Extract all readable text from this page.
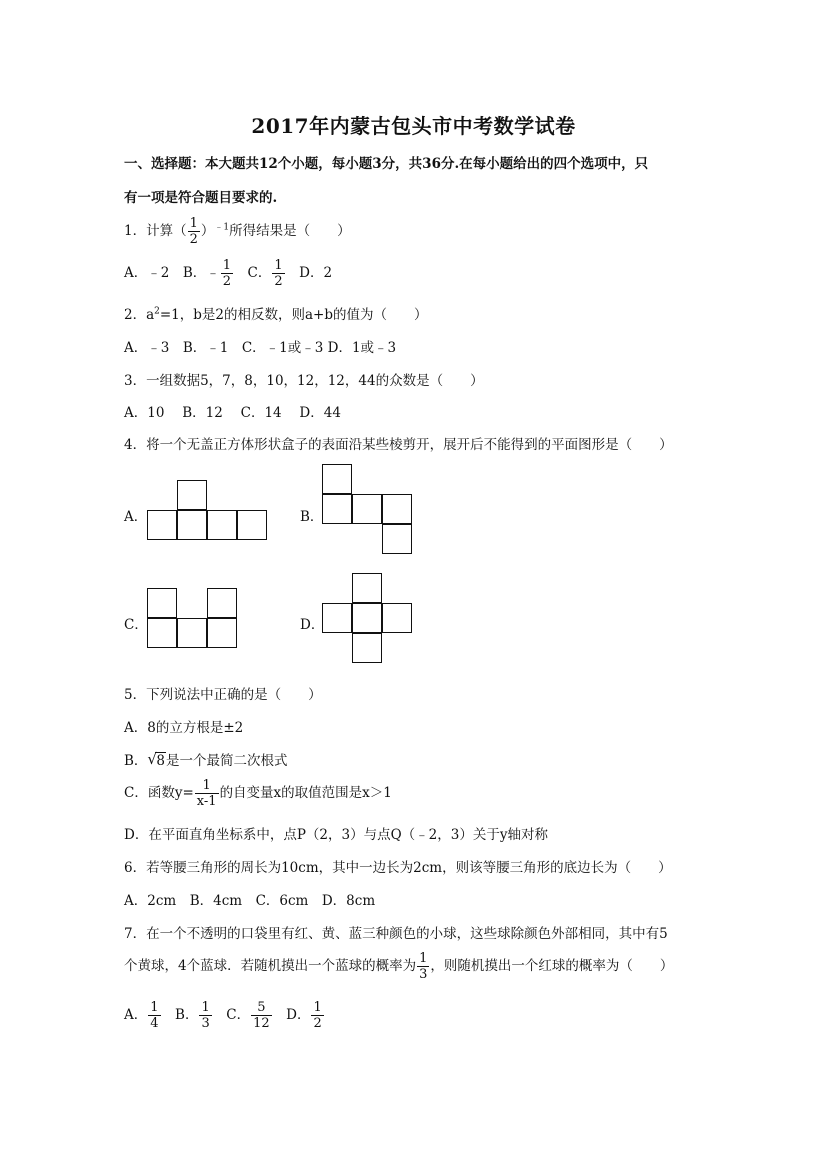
2017年内蒙古包头市中考数学试卷
一、选择题：本大题共12个小题，每小题3分，共36分.在每小题给出的四个选项中，只
有一项是符合题目要求的.
1．计算（ $\frac{1}{2} )^{﹣1}$所得结果是（　　）
A．﹣2　B．﹣ $\frac{1}{2}$ 　C． $\frac{1}{2}$ 　D．2
2．$a^2=1$，b是2的相反数，则a+b的值为（　　）
A．﹣3　B．﹣1　C．﹣1或﹣3 D．1或﹣3
3．一组数据5，7，8，10，12，12，44的众数是（　　）
A．10　 B．12　 C．14　 D．44
4．将一个无盖正方体形状盒子的表面沿某些棱剪开，展开后不能得到的平面图形是（　　）
A．	B．
C．	D．
5．下列说法中正确的是（　　）
A．8的立方根是±2
B． √ 8是一个最简二次根式
C．函数$y= \frac{1}{x-1}$ 的自变量x的取值范围是x＞1
D．在平面直角坐标系中，点P（2，3）与点Q（﹣2，3）关于y轴对称
6．若等腰三角形的周长为10cm，其中一边长为2cm，则该等腰三角形的底边长为（　　）
A．2cm　B．4cm　C．6cm　D．8cm
7．在一个不透明的口袋里有红、黄、蓝三种颜色的小球，这些球除颜色外部相同，其中有5
个黄球，4个蓝球．若随机摸出一个蓝球的概率为 $\frac{1}{3}$ ，则随机摸出一个红球的概率为（　　）
A． $\frac{1}{4}$ 　B． $\frac{1}{3}$ 　C． $\frac{5}{12}$ 　D． $\frac{1}{2}$
